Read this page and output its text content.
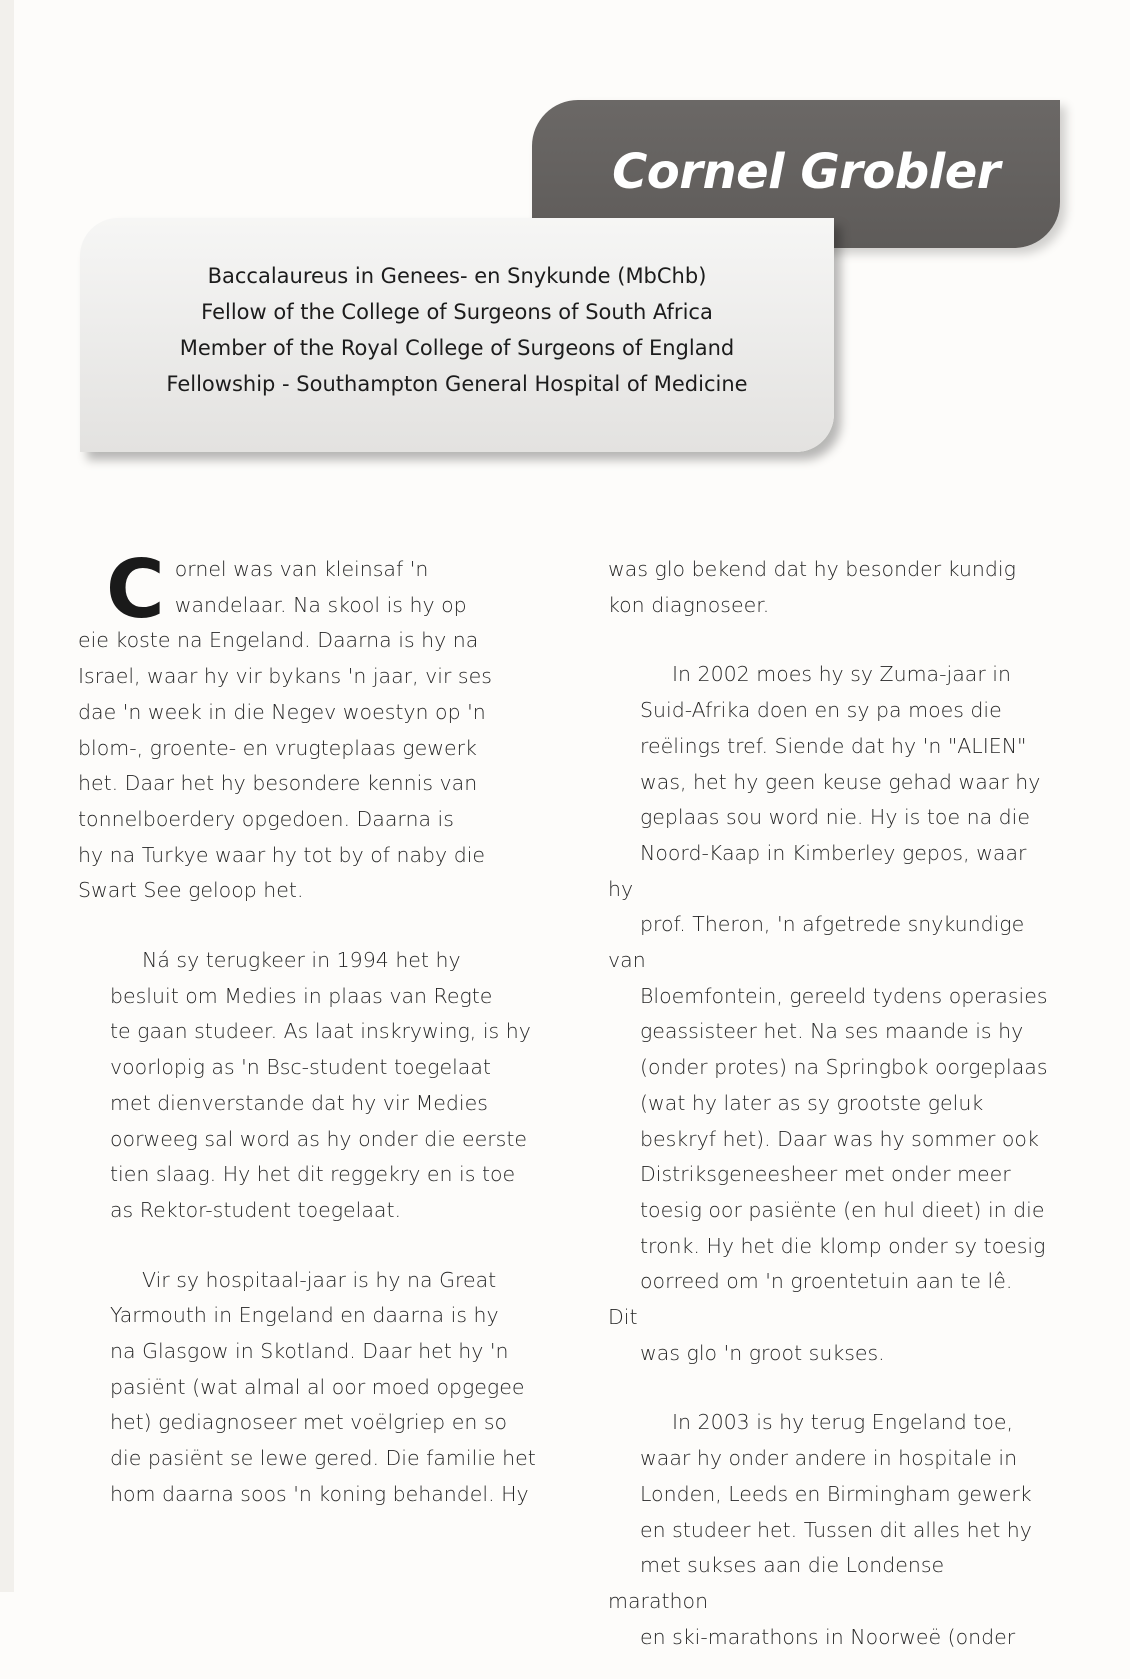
Cornel Grobler
Baccalaureus in Genees- en Snykunde (MbChb)
Fellow of the College of Surgeons of South Africa
Member of the Royal College of Surgeons of England
Fellowship - Southampton General Hospital of Medicine
C ornel was van kleinsaf 'n
wandelaar. Na skool is hy op
eie koste na Engeland. Daarna is hy na
Israel, waar hy vir bykans 'n jaar, vir ses
dae 'n week in die Negev woestyn op 'n
blom-, groente- en vrugteplaas gewerk
het. Daar het hy besondere kennis van
tonnelboerdery opgedoen. Daarna is
hy na Turkye waar hy tot by of naby die
Swart See geloop het.
Ná sy terugkeer in 1994 het hy
besluit om Medies in plaas van Regte
te gaan studeer. As laat inskrywing, is hy
voorlopig as 'n Bsc-student toegelaat
met dienverstande dat hy vir Medies
oorweeg sal word as hy onder die eerste
tien slaag. Hy het dit reggekry en is toe
as Rektor-student toegelaat.
Vir sy hospitaal-jaar is hy na Great
Yarmouth in Engeland en daarna is hy
na Glasgow in Skotland. Daar het hy 'n
pasiënt (wat almal al oor moed opgegee
het) gediagnoseer met voëlgriep en so
die pasiënt se lewe gered. Die familie het
hom daarna soos 'n koning behandel. Hy
was glo bekend dat hy besonder kundig
kon diagnoseer.
In 2002 moes hy sy Zuma-jaar in
Suid-Afrika doen en sy pa moes die
reëlings tref. Siende dat hy 'n "ALIEN"
was, het hy geen keuse gehad waar hy
geplaas sou word nie. Hy is toe na die
Noord-Kaap in Kimberley gepos, waar hy
prof. Theron, 'n afgetrede snykundige van
Bloemfontein, gereeld tydens operasies
geassisteer het. Na ses maande is hy
(onder protes) na Springbok oorgeplaas
(wat hy later as sy grootste geluk
beskryf het). Daar was hy sommer ook
Distriksgeneesheer met onder meer
toesig oor pasiënte (en hul dieet) in die
tronk. Hy het die klomp onder sy toesig
oorreed om 'n groentetuin aan te lê. Dit
was glo 'n groot sukses.
In 2003 is hy terug Engeland toe,
waar hy onder andere in hospitale in
Londen, Leeds en Birmingham gewerk
en studeer het. Tussen dit alles het hy
met sukses aan die Londense marathon
en ski-marathons in Noorweë (onder
